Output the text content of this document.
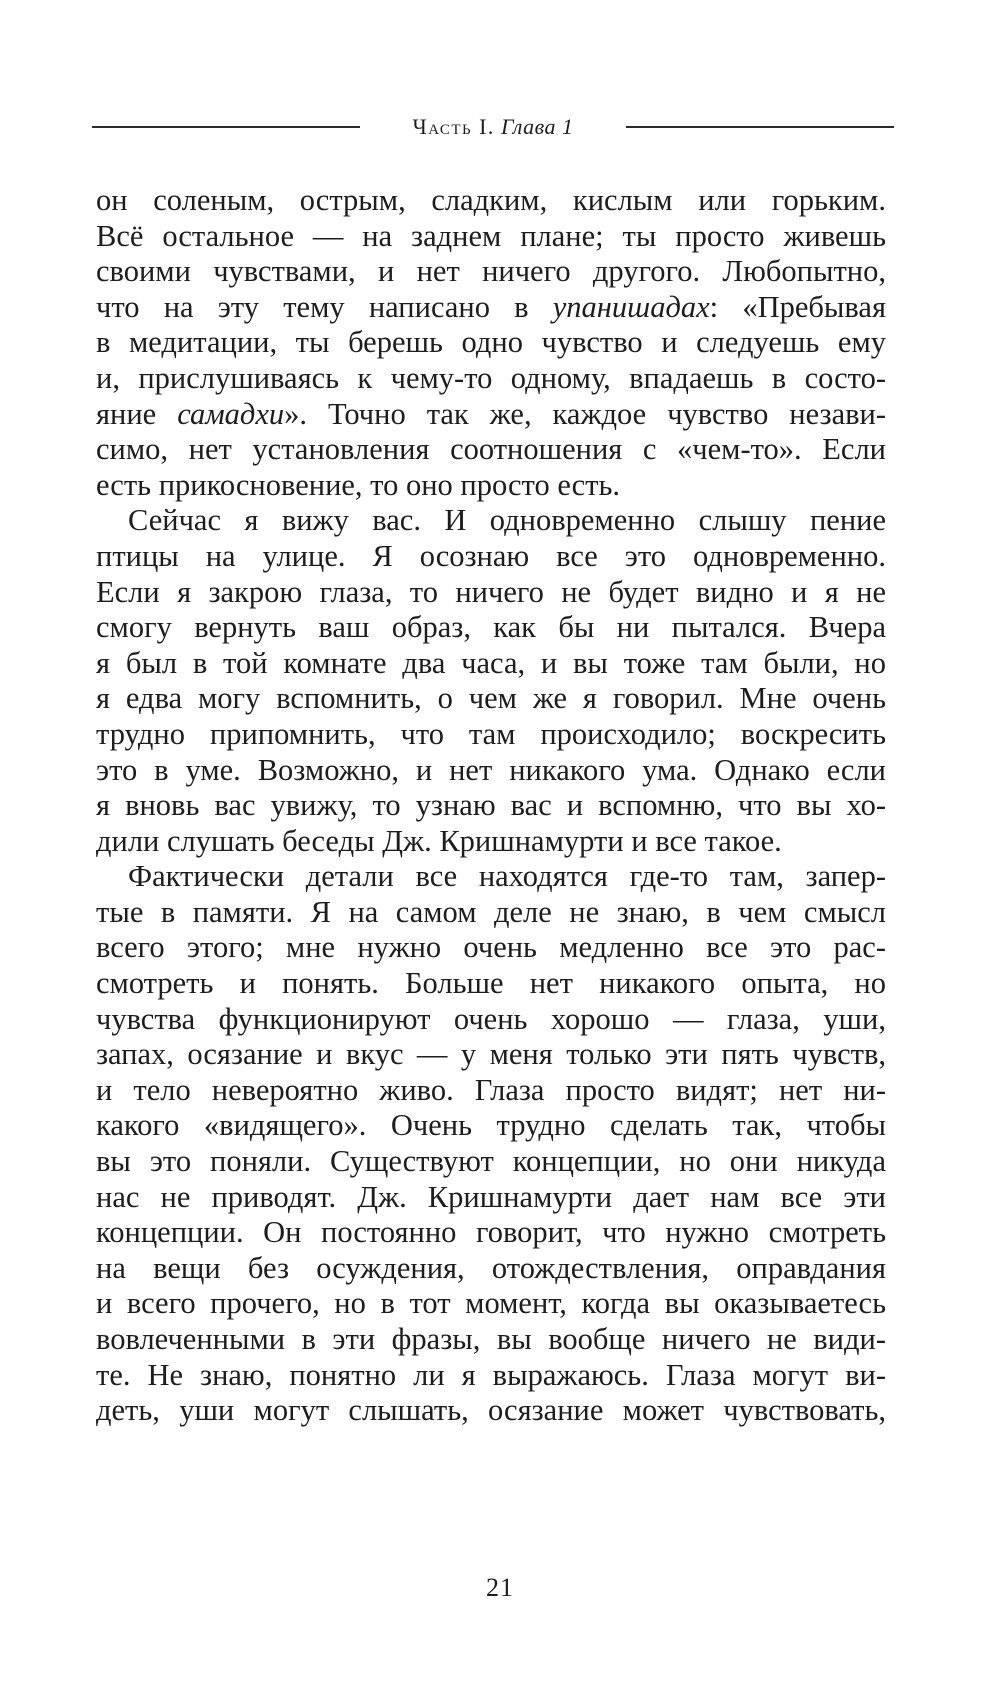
Часть I. Глава 1
он соленым, острым, сладким, кислым или горьким.
Всё остальное — на заднем плане; ты просто живешь
своими чувствами, и нет ничего другого. Любопытно,
что на эту тему написано в упанишадах: «Пребывая
в медитации, ты берешь одно чувство и следуешь ему
и, прислушиваясь к чему-то одному, впадаешь в состо-
яние самадхи». Точно так же, каждое чувство незави-
симо, нет установления соотношения с «чем-то». Если
есть прикосновение, то оно просто есть.
Сейчас я вижу вас. И одновременно слышу пение
птицы на улице. Я осознаю все это одновременно.
Если я закрою глаза, то ничего не будет видно и я не
смогу вернуть ваш образ, как бы ни пытался. Вчера
я был в той комнате два часа, и вы тоже там были, но
я едва могу вспомнить, о чем же я говорил. Мне очень
трудно припомнить, что там происходило; воскресить
это в уме. Возможно, и нет никакого ума. Однако если
я вновь вас увижу, то узнаю вас и вспомню, что вы хо-
дили слушать беседы Дж. Кришнамурти и все такое.
Фактически детали все находятся где-то там, запер-
тые в памяти. Я на самом деле не знаю, в чем смысл
всего этого; мне нужно очень медленно все это рас-
смотреть и понять. Больше нет никакого опыта, но
чувства функционируют очень хорошо — глаза, уши,
запах, осязание и вкус — у меня только эти пять чувств,
и тело невероятно живо. Глаза просто видят; нет ни-
какого «видящего». Очень трудно сделать так, чтобы
вы это поняли. Существуют концепции, но они никуда
нас не приводят. Дж. Кришнамурти дает нам все эти
концепции. Он постоянно говорит, что нужно смотреть
на вещи без осуждения, отождествления, оправдания
и всего прочего, но в тот момент, когда вы оказываетесь
вовлеченными в эти фразы, вы вообще ничего не види-
те. Не знаю, понятно ли я выражаюсь. Глаза могут ви-
деть, уши могут слышать, осязание может чувствовать,
21
